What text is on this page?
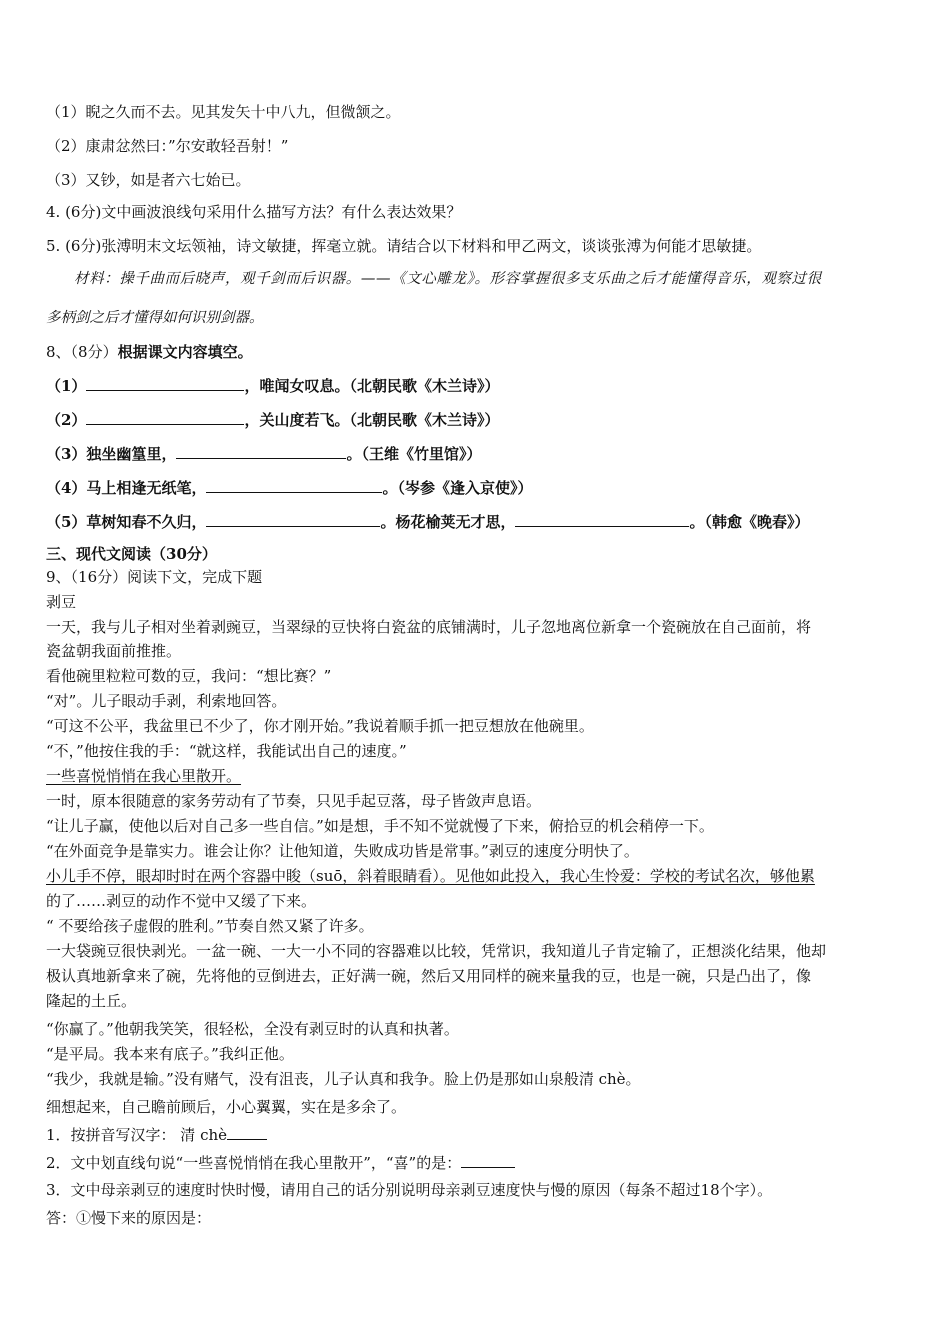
（1）睨之久而不去。见其发矢十中八九，但微颔之。
（2）康肃忿然曰：”尔安敢轻吾射！”
（3）又钞，如是者六七始已。
4. (6分)文中画波浪线句采用什么描写方法？有什么表达效果？
5. (6分)张溥明末文坛领袖，诗文敏捷，挥毫立就。请结合以下材料和甲乙两文，谈谈张溥为何能才思敏捷。
材料：操千曲而后晓声，观千剑而后识器。——《文心雕龙》。形容掌握很多支乐曲之后才能懂得音乐，观察过很
多柄剑之后才懂得如何识别剑器。
8、（8分）根据课文内容填空。
（1）	，唯闻女叹息。（北朝民歌《木兰诗》）
（2）	，关山度若飞。（北朝民歌《木兰诗》）
（3）独坐幽篁里，	。（王维《竹里馆》）
（4）马上相逢无纸笔，	。（岑参《逢入京使》）
（5）草树知春不久归，	。杨花榆荚无才思，	。（韩愈《晚春》）
三、现代文阅读（30分）
9、（16分）阅读下文，完成下题
剥豆
一天，我与儿子相对坐着剥豌豆，当翠绿的豆快将白瓷盆的底铺满时，儿子忽地离位新拿一个瓷碗放在自己面前，将
瓷盆朝我面前推推。
看他碗里粒粒可数的豆，我问：“想比赛？”
“对”。儿子眼动手剥，利索地回答。
“可这不公平，我盆里已不少了，你才刚开始。”我说着顺手抓一把豆想放在他碗里。
“不，”他按住我的手：“就这样，我能试出自己的速度。”
一些喜悦悄悄在我心里散开。
一时，原本很随意的家务劳动有了节奏，只见手起豆落，母子皆敛声息语。
“让儿子赢，使他以后对自己多一些自信。”如是想，手不知不觉就慢了下来，俯拾豆的机会稍停一下。
“在外面竞争是靠实力。谁会让你？让他知道，失败成功皆是常事。”剥豆的速度分明快了。
小儿手不停，眼却时时在两个容器中睃（suō，斜着眼睛看）。见他如此投入，我心生怜爱：学校的考试名次，够他累
的了……剥豆的动作不觉中又缓了下来。
“ 不要给孩子虚假的胜利。”节奏自然又紧了许多。
一大袋豌豆很快剥光。一盆一碗、一大一小不同的容器难以比较，凭常识，我知道儿子肯定输了，正想淡化结果，他却
极认真地新拿来了碗，先将他的豆倒进去，正好满一碗，然后又用同样的碗来量我的豆，也是一碗，只是凸出了，像
隆起的土丘。
“你赢了。”他朝我笑笑，很轻松，全没有剥豆时的认真和执著。
“是平局。我本来有底子。”我纠正他。
“我少，我就是输。”没有赌气，没有沮丧，儿子认真和我争。脸上仍是那如山泉般清 chè。
细想起来，自己瞻前顾后，小心翼翼，实在是多余了。
1．按拼音写汉字： 清 chè
2．文中划直线句说“一些喜悦悄悄在我心里散开”，“喜”的是：
3．文中母亲剥豆的速度时快时慢，请用自己的话分别说明母亲剥豆速度快与慢的原因（每条不超过18个字）。
答：①慢下来的原因是：
